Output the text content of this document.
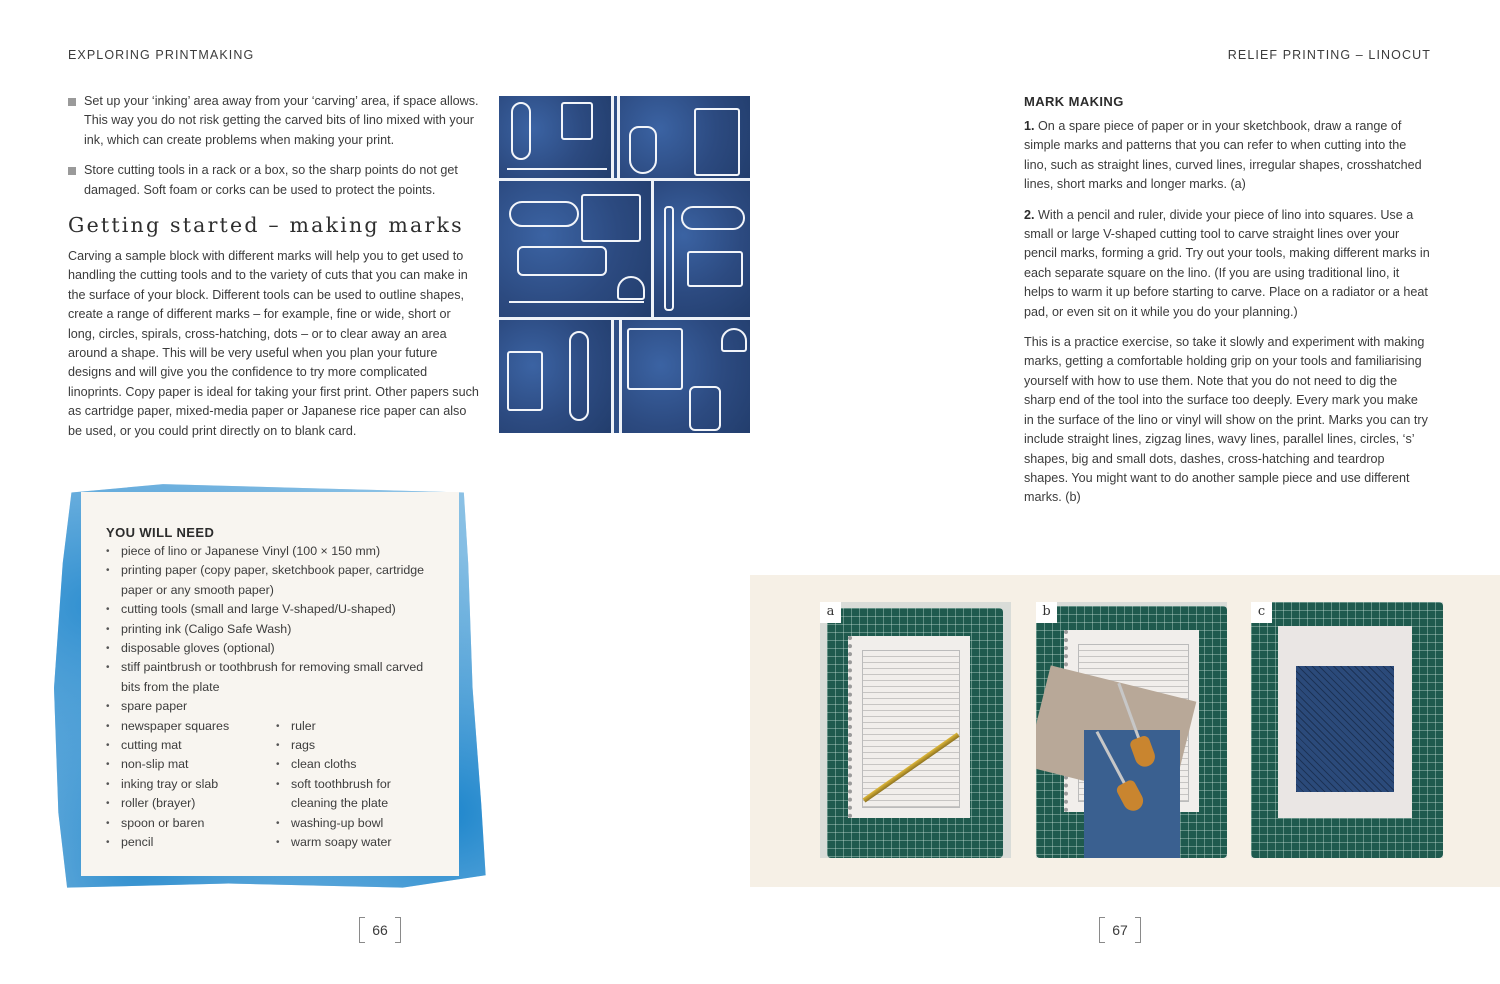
EXPLORING PRINTMAKING
Set up your ‘inking’ area away from your ‘carving’ area, if space allows. This way you do not risk getting the carved bits of lino mixed with your ink, which can create problems when making your print.
Store cutting tools in a rack or a box, so the sharp points do not get damaged. Soft foam or corks can be used to protect the points.
Getting started – making marks

Carving a sample block with different marks will help you to get used to handling the cutting tools and to the variety of cuts that you can make in the surface of your block. Different tools can be used to outline shapes, create a range of different marks – for example, fine or wide, short or long, circles, spirals, cross-hatching, dots – or to clear away an area around a shape. This will be very useful when you plan your future designs and will give you the confidence to try more complicated linoprints. Copy paper is ideal for taking your first print. Other papers such as cartridge paper, mixed-media paper or Japanese rice paper can also be used, or you could print directly on to blank card.

YOU WILL NEED
• piece of lino or Japanese Vinyl (100 × 150 mm)
• printing paper (copy paper, sketchbook paper, cartridge paper or any smooth paper)
• cutting tools (small and large V-shaped/U-shaped)
• printing ink (Caligo Safe Wash)
• disposable gloves (optional)
• stiff paintbrush or toothbrush for removing small carved bits from the plate
• spare paper
• newspaper squares
• cutting mat
• non-slip mat
• inking tray or slab
• roller (brayer)
• spoon or baren
• pencil
• ruler
• rags
• clean cloths
• soft toothbrush for cleaning the plate
• washing-up bowl
• warm soapy water
66
RELIEF PRINTING – LINOCUT
MARK MAKING

1. On a spare piece of paper or in your sketchbook, draw a range of simple marks and patterns that you can refer to when cutting into the lino, such as straight lines, curved lines, irregular shapes, crosshatched lines, short marks and longer marks. (a)

2. With a pencil and ruler, divide your piece of lino into squares. Use a small or large V-shaped cutting tool to carve straight lines over your pencil marks, forming a grid. Try out your tools, making different marks in each separate square on the lino. (If you are using traditional lino, it helps to warm it up before starting to carve. Place on a radiator or a heat pad, or even sit on it while you do your planning.)

This is a practice exercise, so take it slowly and experiment with making marks, getting a comfortable holding grip on your tools and familiarising yourself with how to use them. Note that you do not need to dig the sharp end of the tool into the surface too deeply. Every mark you make in the surface of the lino or vinyl will show on the print. Marks you can try include straight lines, zigzag lines, wavy lines, parallel lines, circles, ‘s’ shapes, big and small dots, dashes, cross-hatching and teardrop shapes. You might want to do another sample piece and use different marks. (b)

a	b	c
67
